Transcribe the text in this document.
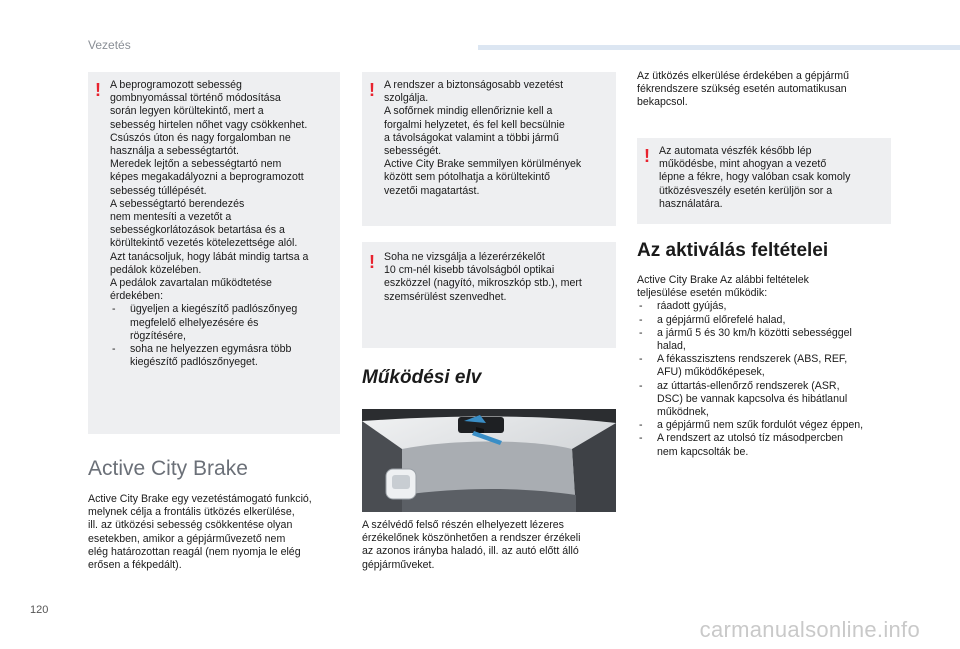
Vezetés
! A beprogramozott sebesség
gombnyomással történő módosítása
során legyen körültekintő, mert a
sebesség hirtelen nőhet vagy csökkenhet.
Csúszós úton és nagy forgalomban ne
használja a sebességtartót.
Meredek lejtőn a sebességtartó nem
képes megakadályozni a beprogramozott
sebesség túllépését.
A sebességtartó berendezés
nem mentesíti a vezetőt a
sebességkorlátozások betartása és a
körültekintő vezetés kötelezettsége alól.
Azt tanácsoljuk, hogy lábát mindig tartsa a
pedálok közelében.
A pedálok zavartalan működtetése
érdekében:
- ügyeljen a kiegészítő padlószőnyeg
megfelelő elhelyezésére és
rögzítésére,
- soha ne helyezzen egymásra több
kiegészítő padlószőnyeget.
Active City Brake
Active City Brake egy vezetéstámogató funkció,
melynek célja a frontális ütközés elkerülése,
ill. az ütközési sebesség csökkentése olyan
esetekben, amikor a gépjárművezető nem
elég határozottan reagál (nem nyomja le elég
erősen a fékpedált).
! A rendszer a biztonságosabb vezetést
szolgálja.
A sofőrnek mindig ellenőriznie kell a
forgalmi helyzetet, és fel kell becsülnie
a távolságokat valamint a többi jármű
sebességét.
Active City Brake semmilyen körülmények
között sem pótolhatja a körültekintő
vezetői magatartást.
! Soha ne vizsgálja a lézerérzékelőt
10 cm-nél kisebb távolságból optikai
eszközzel (nagyító, mikroszkóp stb.), mert
szemsérülést szenvedhet.
Működési elv
A szélvédő felső részén elhelyezett lézeres
érzékelőnek köszönhetően a rendszer érzékeli
az azonos irányba haladó, ill. az autó előtt álló
gépjárműveket.
Az ütközés elkerülése érdekében a gépjármű
fékrendszere szükség esetén automatikusan
bekapcsol.
! Az automata vészfék később lép
működésbe, mint ahogyan a vezető
lépne a fékre, hogy valóban csak komoly
ütközésveszély esetén kerüljön sor a
használatára.
Az aktiválás feltételei
Active City Brake Az alábbi feltételek
teljesülése esetén működik:
- ráadott gyújás,
- a gépjármű előrefelé halad,
- a jármű 5 és 30 km/h közötti sebességgel
halad,
- A fékasszisztens rendszerek (ABS, REF,
AFU) működőképesek,
- az úttartás-ellenőrző rendszerek (ASR,
DSC) be vannak kapcsolva és hibátlanul
működnek,
- a gépjármű nem szűk fordulót végez éppen,
- A rendszert az utolsó tíz másodpercben
nem kapcsolták be.
120
carmanualsonline.info
